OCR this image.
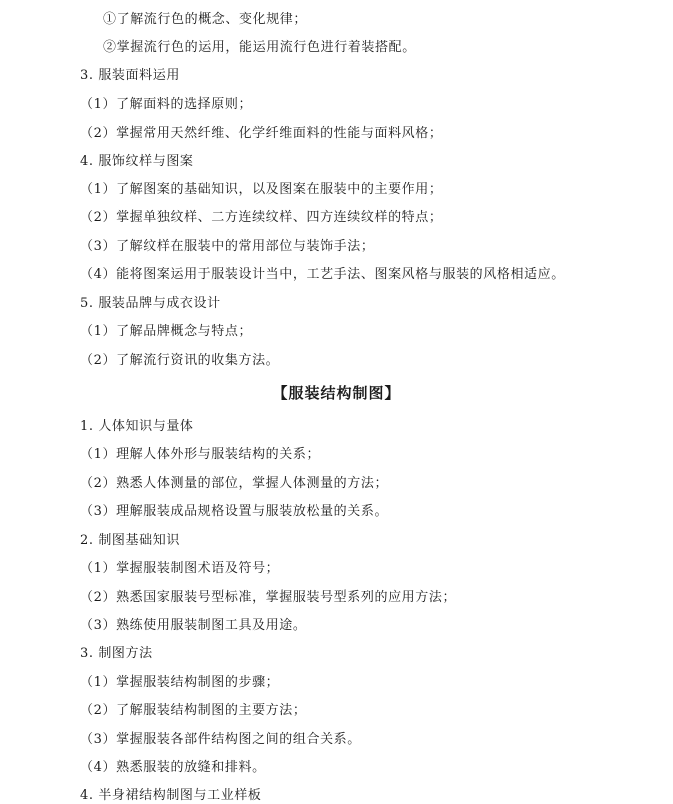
①了解流行色的概念、变化规律；
②掌握流行色的运用，能运用流行色进行着装搭配。
3. 服装面料运用
（1）了解面料的选择原则；
（2）掌握常用天然纤维、化学纤维面料的性能与面料风格；
4. 服饰纹样与图案
（1）了解图案的基础知识，以及图案在服装中的主要作用；
（2）掌握单独纹样、二方连续纹样、四方连续纹样的特点；
（3）了解纹样在服装中的常用部位与装饰手法；
（4）能将图案运用于服装设计当中，工艺手法、图案风格与服装的风格相适应。
5. 服装品牌与成衣设计
（1）了解品牌概念与特点；
（2）了解流行资讯的收集方法。
【服装结构制图】
1. 人体知识与量体
（1）理解人体外形与服装结构的关系；
（2）熟悉人体测量的部位，掌握人体测量的方法；
（3）理解服装成品规格设置与服装放松量的关系。
2. 制图基础知识
（1）掌握服装制图术语及符号；
（2）熟悉国家服装号型标准，掌握服装号型系列的应用方法；
（3）熟练使用服装制图工具及用途。
3. 制图方法
（1）掌握服装结构制图的步骤；
（2）了解服装结构制图的主要方法；
（3）掌握服装各部件结构图之间的组合关系。
（4）熟悉服装的放缝和排料。
4. 半身裙结构制图与工业样板
